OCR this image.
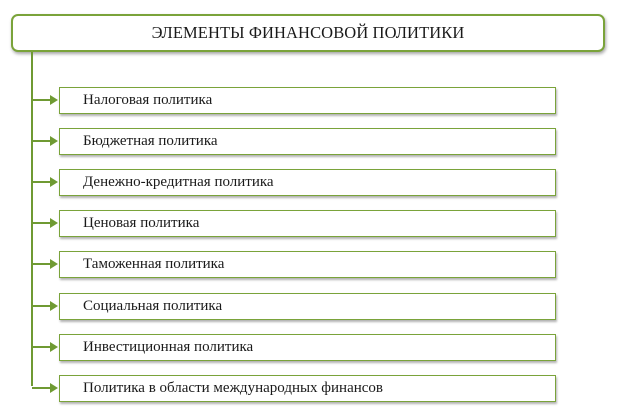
ЭЛЕМЕНТЫ ФИНАНСОВОЙ ПОЛИТИКИ
Налоговая политика
Бюджетная политика
Денежно-кредитная политика
Ценовая политика
Таможенная политика
Социальная политика
Инвестиционная политика
Политика в области международных финансов
